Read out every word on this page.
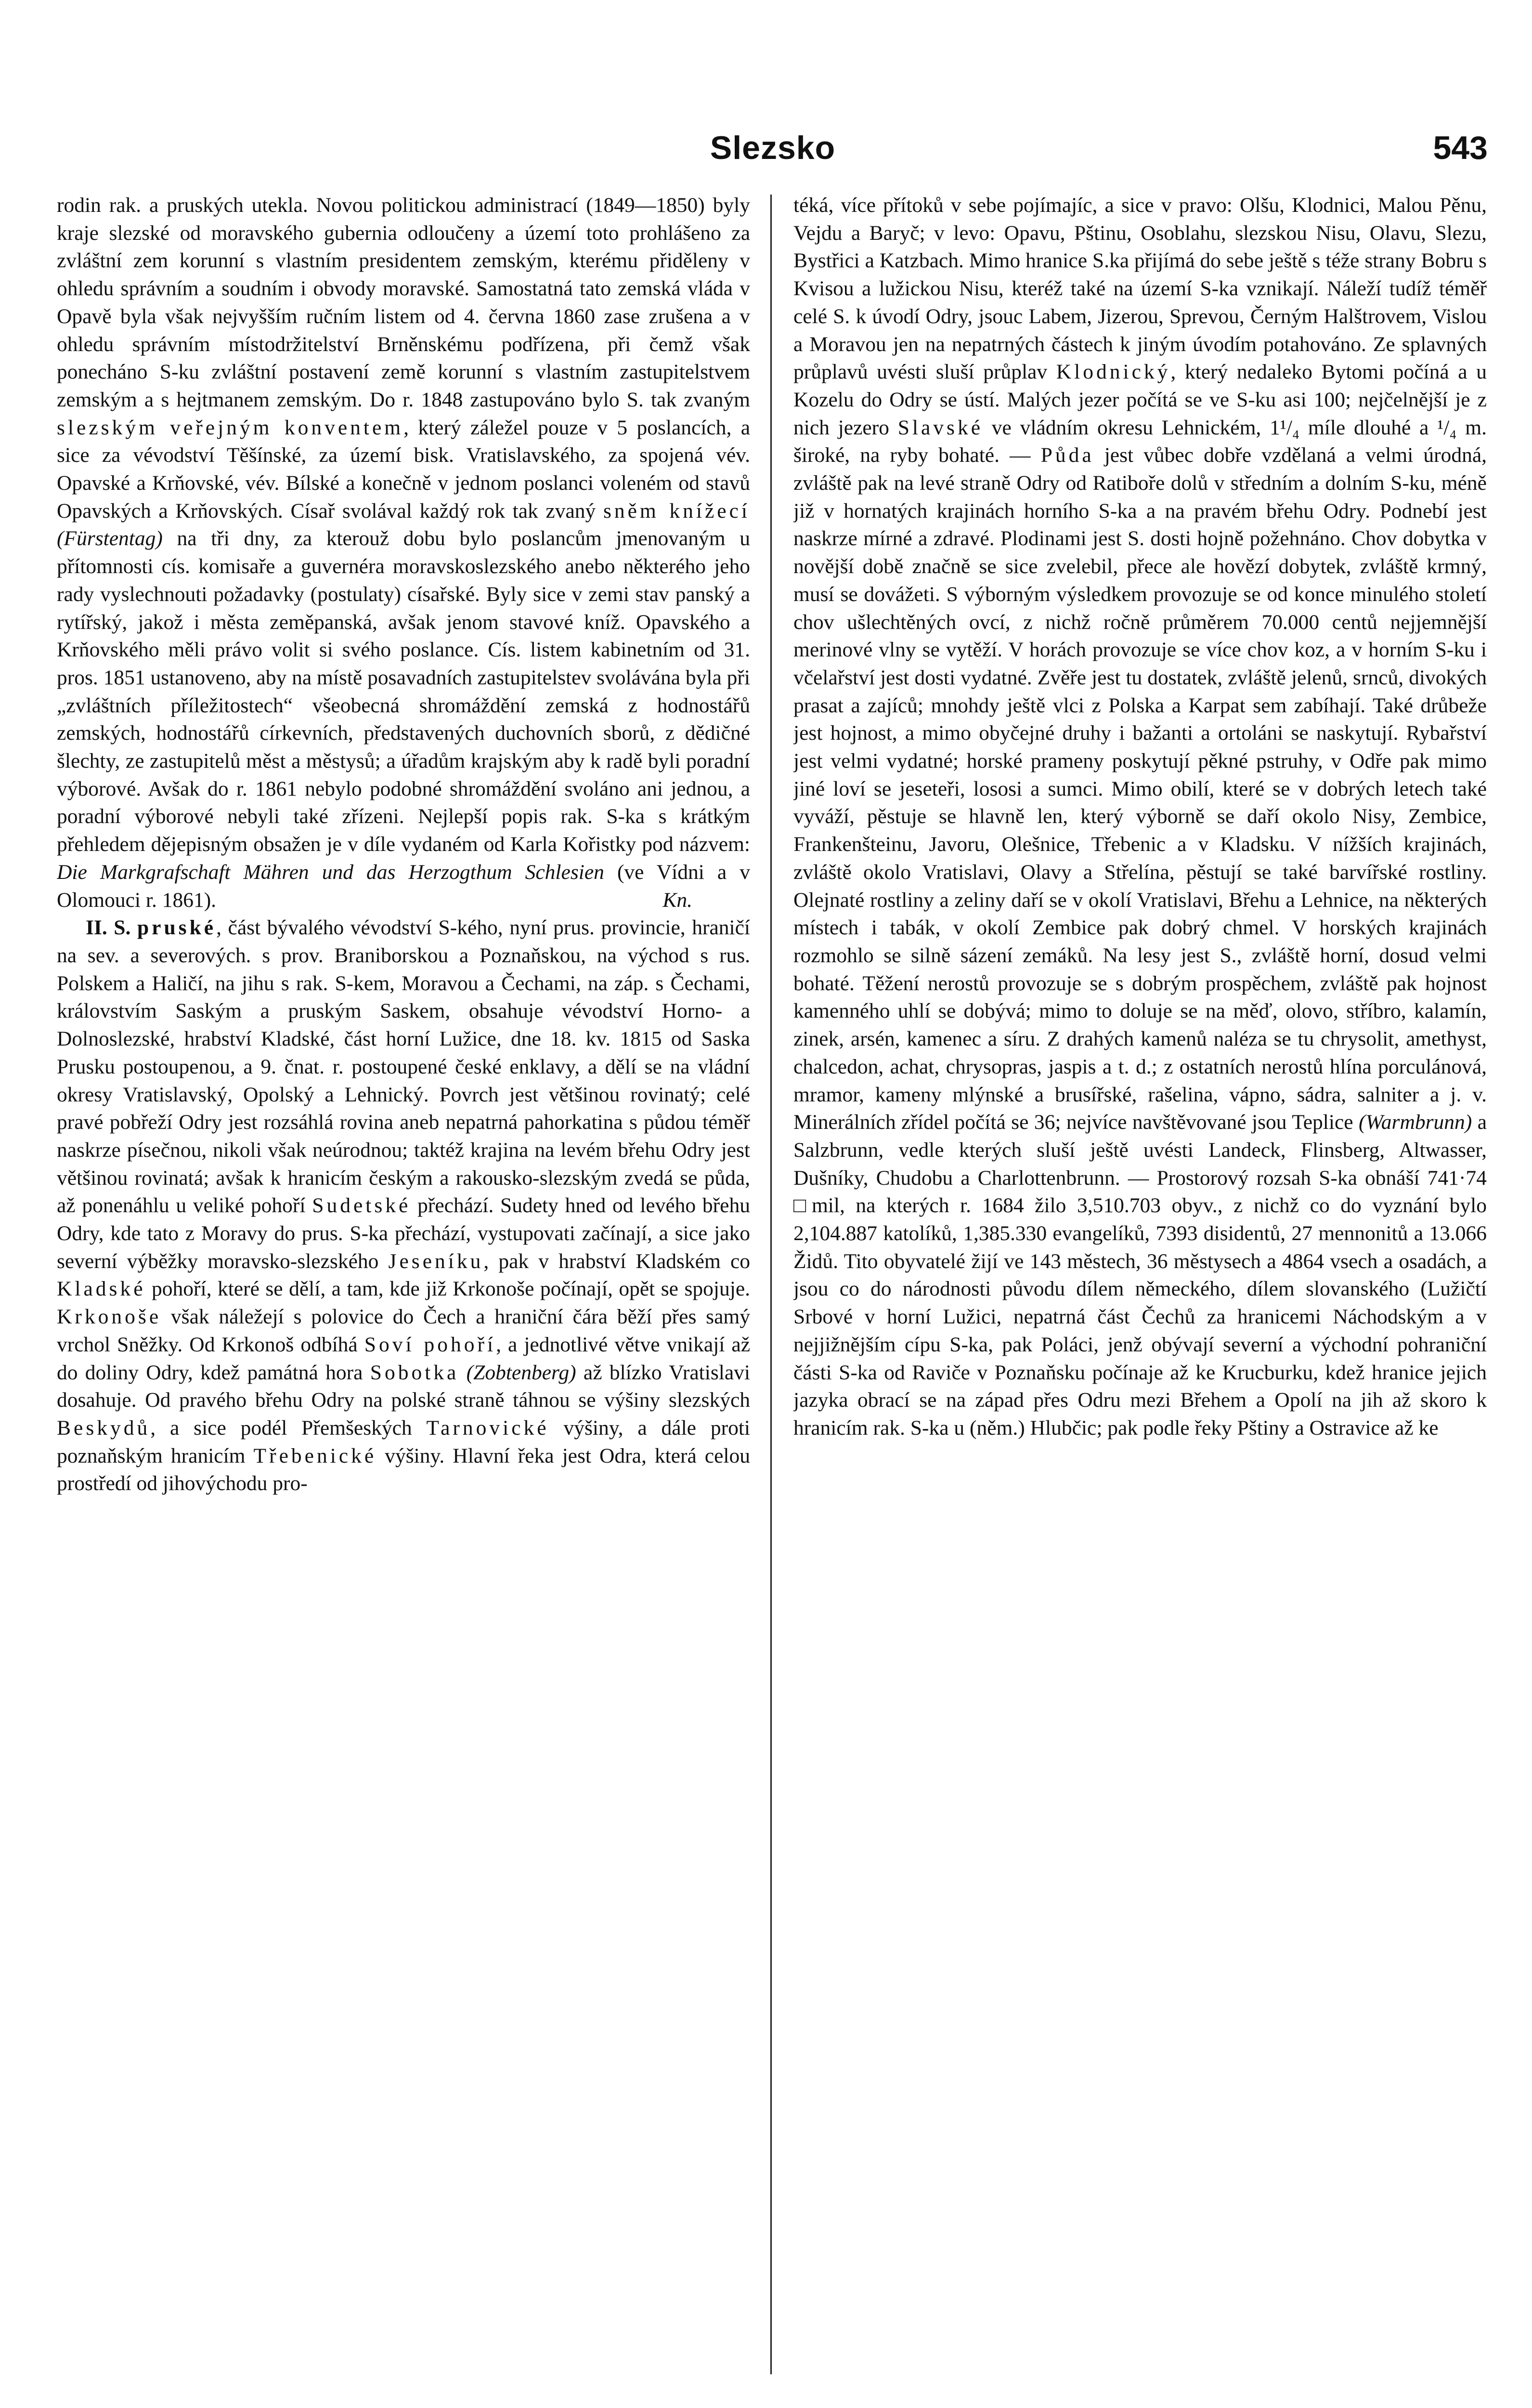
Slezsko	543

rodin rak. a pruských utekla. Novou politickou administrací (1849—1850) byly kraje slezské od moravského gubernia odloučeny a území toto prohlášeno za zvláštní zem korunní s vlastním presidentem zemským, kterému přiděleny v ohledu správním a soudním i obvody moravské. Samostatná tato zemská vláda v Opavě byla však nejvyšším ručním listem od 4. června 1860 zase zrušena a v ohledu správním místodržitelství Brněnskému podřízena, při čemž však ponecháno S-ku zvláštní postavení země korunní s vlastním zastupitelstvem zemským a s hejtmanem zemským. Do r. 1848 zastupováno bylo S. tak zvaným slezským veřejným konventem, který záležel pouze v 5 poslancích, a sice za vévodství Těšínské, za území bisk. Vratislavského, za spojená vév. Opavské a Krňovské, vév. Bílské a konečně v jednom poslanci voleném od stavů Opavských a Krňovských. Císař svolával každý rok tak zvaný sněm knížecí (Fürstentag) na tři dny, za kterouž dobu bylo poslancům jmenovaným u přítomnosti cís. komisaře a guvernéra moravskoslezského anebo některého jeho rady vyslechnouti požadavky (postulaty) císařské. Byly sice v zemi stav panský a rytířský, jakož i města zeměpanská, avšak jenom stavové kníž. Opavského a Krňovského měli právo volit si svého poslance. Cís. listem kabinetním od 31. pros. 1851 ustanoveno, aby na místě posavadních zastupitelstev svolávána byla při „zvláštních příležitostech“ všeobecná shromáždění zemská z hodnostářů zemských, hodnostářů církevních, představených duchovních sborů, z dědičné šlechty, ze zastupitelů měst a městysů; a úřadům krajským aby k radě byli poradní výborové. Avšak do r. 1861 nebylo podobné shromáždění svoláno ani jednou, a poradní výborové nebyli také zřízeni. Nejlepší popis rak. S-ka s krátkým přehledem dějepisným obsažen je v díle vydaném od Karla Kořistky pod názvem: Die Markgrafschaft Mähren und das Herzogthum Schlesien (ve Vídni a v Olomouci r. 1861).	Kn.

II. S. pruské, část bývalého vévodství S-kého, nyní prus. provincie, hraničí na sev. a severových. s prov. Braniborskou a Poznaňskou, na východ s rus. Polskem a Haličí, na jihu s rak. S-kem, Moravou a Čechami, na záp. s Čechami, královstvím Saským a pruským Saskem, obsahuje vévodství Horno- a Dolnoslezské, hrabství Kladské, část horní Lužice, dne 18. kv. 1815 od Saska Prusku postoupenou, a 9. čnat. r. postoupené české enklavy, a dělí se na vládní okresy Vratislavský, Opolský a Lehnický. Povrch jest většinou rovinatý; celé pravé pobřeží Odry jest rozsáhlá rovina aneb nepatrná pahorkatina s půdou téměř naskrze písečnou, nikoli však neúrodnou; taktéž krajina na levém břehu Odry jest většinou rovinatá; avšak k hranicím českým a rakousko-slezským zvedá se půda, až ponenáhlu u veliké pohoří Sudetské přechází. Sudety hned od levého břehu Odry, kde tato z Moravy do prus. S-ka přechází, vystupovati začínají, a sice jako severní výběžky moravsko-slezského Jeseníku, pak v hrabství Kladském co Kladské pohoří, které se dělí, a tam, kde již Krkonoše počínají, opět se spojuje. Krkonoše však náležejí s polovice do Čech a hraniční čára běží přes samý vrchol Sněžky. Od Krkonoš odbíhá Soví pohoří, a jednotlivé větve vnikají až do doliny Odry, kdež památná hora Sobotka (Zobtenberg) až blízko Vratislavi dosahuje. Od pravého břehu Odry na polské straně táhnou se výšiny slezských Beskydů, a sice podél Přemšeských Tarnovické výšiny, a dále proti poznaňským hranicím Třebenické výšiny. Hlavní řeka jest Odra, která celou prostředí od jihovýchodu pro-

téká, více přítoků v sebe pojímajíc, a sice v pravo: Olšu, Klodnici, Malou Pěnu, Vejdu a Baryč; v levo: Opavu, Pštinu, Osoblahu, slezskou Nisu, Olavu, Slezu, Bystřici a Katzbach. Mimo hranice S.ka přijímá do sebe ještě s téže strany Bobru s Kvisou a lužickou Nisu, kteréž také na území S-ka vznikají. Náleží tudíž téměř celé S. k úvodí Odry, jsouc Labem, Jizerou, Sprevou, Černým Halštrovem, Vislou a Moravou jen na nepatrných částech k jiným úvodím potahováno. Ze splavných průplavů uvésti sluší průplav Klodnický, který nedaleko Bytomi počíná a u Kozelu do Odry se ústí. Malých jezer počítá se ve S-ku asi 100; nejčelnější je z nich jezero Slavské ve vládním okresu Lehnickém, 1¹/₄ míle dlouhé a ¹/₄ m. široké, na ryby bohaté. — Půda jest vůbec dobře vzdělaná a velmi úrodná, zvláště pak na levé straně Odry od Ratiboře dolů v středním a dolním S-ku, méně již v hornatých krajinách horního S-ka a na pravém břehu Odry. Podnebí jest naskrze mírné a zdravé. Plodinami jest S. dosti hojně požehnáno. Chov dobytka v novější době značně se sice zvelebil, přece ale hovězí dobytek, zvláště krmný, musí se dovážeti. S výborným výsledkem provozuje se od konce minulého století chov ušlechtěných ovcí, z nichž ročně průměrem 70.000 centů nejjemnější merinové vlny se vytěží. V horách provozuje se více chov koz, a v horním S-ku i včelařství jest dosti vydatné. Zvěře jest tu dostatek, zvláště jelenů, srnců, divokých prasat a zajíců; mnohdy ještě vlci z Polska a Karpat sem zabíhají. Také drůbeže jest hojnost, a mimo obyčejné druhy i bažanti a ortoláni se naskytují. Rybařství jest velmi vydatné; horské prameny poskytují pěkné pstruhy, v Odře pak mimo jiné loví se jeseteři, lososi a sumci. Mimo obilí, které se v dobrých letech také vyváží, pěstuje se hlavně len, který výborně se daří okolo Nisy, Zembice, Frankenšteinu, Javoru, Olešnice, Třebenic a v Kladsku. V nížších krajinách, zvláště okolo Vratislavi, Olavy a Střelína, pěstují se také barvířské rostliny. Olejnaté rostliny a zeliny daří se v okolí Vratislavi, Břehu a Lehnice, na některých místech i tabák, v okolí Zembice pak dobrý chmel. V horských krajinách rozmohlo se silně sázení zemáků. Na lesy jest S., zvláště horní, dosud velmi bohaté. Těžení nerostů provozuje se s dobrým prospěchem, zvláště pak hojnost kamenného uhlí se dobývá; mimo to doluje se na měď, olovo, stříbro, kalamín, zinek, arsén, kamenec a síru. Z drahých kamenů naléza se tu chrysolit, amethyst, chalcedon, achat, chrysopras, jaspis a t. d.; z ostatních nerostů hlína porculánová, mramor, kameny mlýnské a brusířské, rašelina, vápno, sádra, salniter a j. v. Minerálních zřídel počítá se 36; nejvíce navštěvované jsou Teplice (Warmbrunn) a Salzbrunn, vedle kterých sluší ještě uvésti Landeck, Flinsberg, Altwasser, Dušníky, Chudobu a Charlottenbrunn. — Prostorový rozsah S-ka obnáší 741·74 □mil, na kterých r. 1684 žilo 3,510.703 obyv., z nichž co do vyznání bylo 2,104.887 katolíků, 1,385.330 evangelíků, 7393 disidentů, 27 mennonitů a 13.066 Židů. Tito obyvatelé žijí ve 143 městech, 36 městysech a 4864 vsech a osadách, a jsou co do národnosti původu dílem německého, dílem slovanského (Lužičtí Srbové v horní Lužici, nepatrná část Čechů za hranicemi Náchodským a v nejjižnějším cípu S-ka, pak Poláci, jenž obývají severní a východní pohraniční části S-ka od Ravičе v Poznaňsku počínaje až ke Krucburku, kdež hranice jejich jazyka obrací se na západ přes Odru mezi Břehem a Opolí na jih až skoro k hranicím rak. S-ka u (něm.) Hlubčic; pak podle řeky Pštiny a Ostravice až ke
